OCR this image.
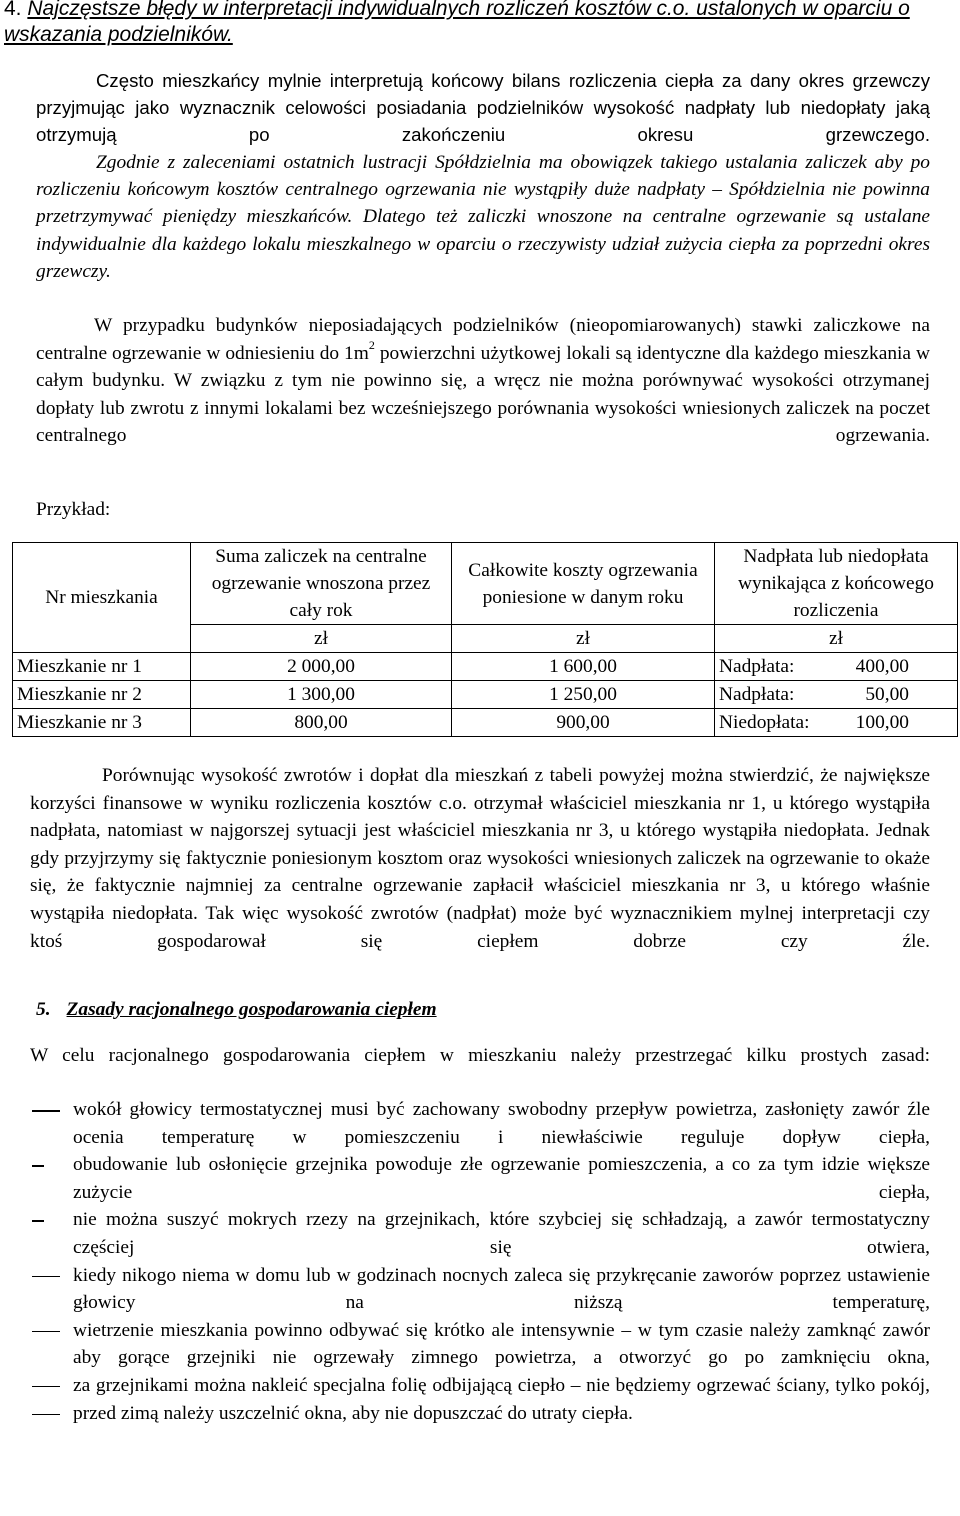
4. Najczęstsze błędy w interpretacji indywidualnych rozliczeń kosztów c.o. ustalonych w oparciu o wskazania podzielników.
Często mieszkańcy mylnie interpretują końcowy bilans rozliczenia ciepła za dany okres grzewczy przyjmując jako wyznacznik celowości posiadania podzielników wysokość nadpłaty lub niedopłaty jaką otrzymują po zakończeniu okresu grzewczego.
Zgodnie z zaleceniami ostatnich lustracji Spółdzielnia ma obowiązek takiego ustalania zaliczek aby po rozliczeniu końcowym kosztów centralnego ogrzewania nie wystąpiły duże nadpłaty – Spółdzielnia nie powinna przetrzymywać pieniędzy mieszkańców. Dlatego też zaliczki wnoszone na centralne ogrzewanie są ustalane indywidualnie dla każdego lokalu mieszkalnego w oparciu o rzeczywisty udział zużycia ciepła za poprzedni okres grzewczy.
W przypadku budynków nieposiadających podzielników (nieopomiarowanych) stawki zaliczkowe na centralne ogrzewanie w odniesieniu do $1m^2$ powierzchni użytkowej lokali są identyczne dla każdego mieszkania w całym budynku. W związku z tym nie powinno się, a wręcz nie można porównywać wysokości otrzymanej dopłaty lub zwrotu z innymi lokalami bez wcześniejszego porównania wysokości wniesionych zaliczek na poczet centralnego ogrzewania.
Przykład:
Nr mieszkania	Suma zaliczek na centralne ogrzewanie wnoszona przez cały rok	Całkowite koszty ogrzewania poniesione w danym roku	Nadpłata lub niedopłata wynikająca z końcowego rozliczenia
	zł	zł	zł
Mieszkanie nr 1	2 000,00	1 600,00	Nadpłata: 400,00

Mieszkanie nr 2	1 300,00	1 250,00	Nadpłata: 50,00

Mieszkanie nr 3	800,00	900,00	Niedopłata: 100,00
Porównując wysokość zwrotów i dopłat dla mieszkań z tabeli powyżej można stwierdzić, że największe korzyści finansowe w wyniku rozliczenia kosztów c.o. otrzymał właściciel mieszkania nr 1, u którego wystąpiła nadpłata, natomiast w najgorszej sytuacji jest właściciel mieszkania nr 3, u którego wystąpiła niedopłata. Jednak gdy przyjrzymy się faktycznie poniesionym kosztom oraz wysokości wniesionych zaliczek na ogrzewanie to okaże się, że faktycznie najmniej za centralne ogrzewanie zapłacił właściciel mieszkania nr 3, u którego właśnie wystąpiła niedopłata. Tak więc wysokość zwrotów (nadpłat) może być wyznacznikiem mylnej interpretacji czy ktoś gospodarował się ciepłem dobrze czy źle.
5. Zasady racjonalnego gospodarowania ciepłem
W celu racjonalnego gospodarowania ciepłem w mieszkaniu należy przestrzegać kilku prostych zasad:
wokół głowicy termostatycznej musi być zachowany swobodny przepływ powietrza, zasłonięty zawór źle ocenia temperaturę w pomieszczeniu i niewłaściwie reguluje dopływ ciepła,
obudowanie lub osłonięcie grzejnika powoduje złe ogrzewanie pomieszczenia, a co za tym idzie większe zużycie ciepła,
nie można suszyć mokrych rzezy na grzejnikach, które szybciej się schładzają, a zawór termostatyczny częściej się otwiera,
kiedy nikogo niema w domu lub w godzinach nocnych zaleca się przykręcanie zaworów poprzez ustawienie głowicy na niższą temperaturę,
wietrzenie mieszkania powinno odbywać się krótko ale intensywnie – w tym czasie należy zamknąć zawór aby gorące grzejniki nie ogrzewały zimnego powietrza, a otworzyć go po zamknięciu okna,
za grzejnikami można nakleić specjalna folię odbijającą ciepło – nie będziemy ogrzewać ściany, tylko pokój,
przed zimą należy uszczelnić okna, aby nie dopuszczać do utraty ciepła.
